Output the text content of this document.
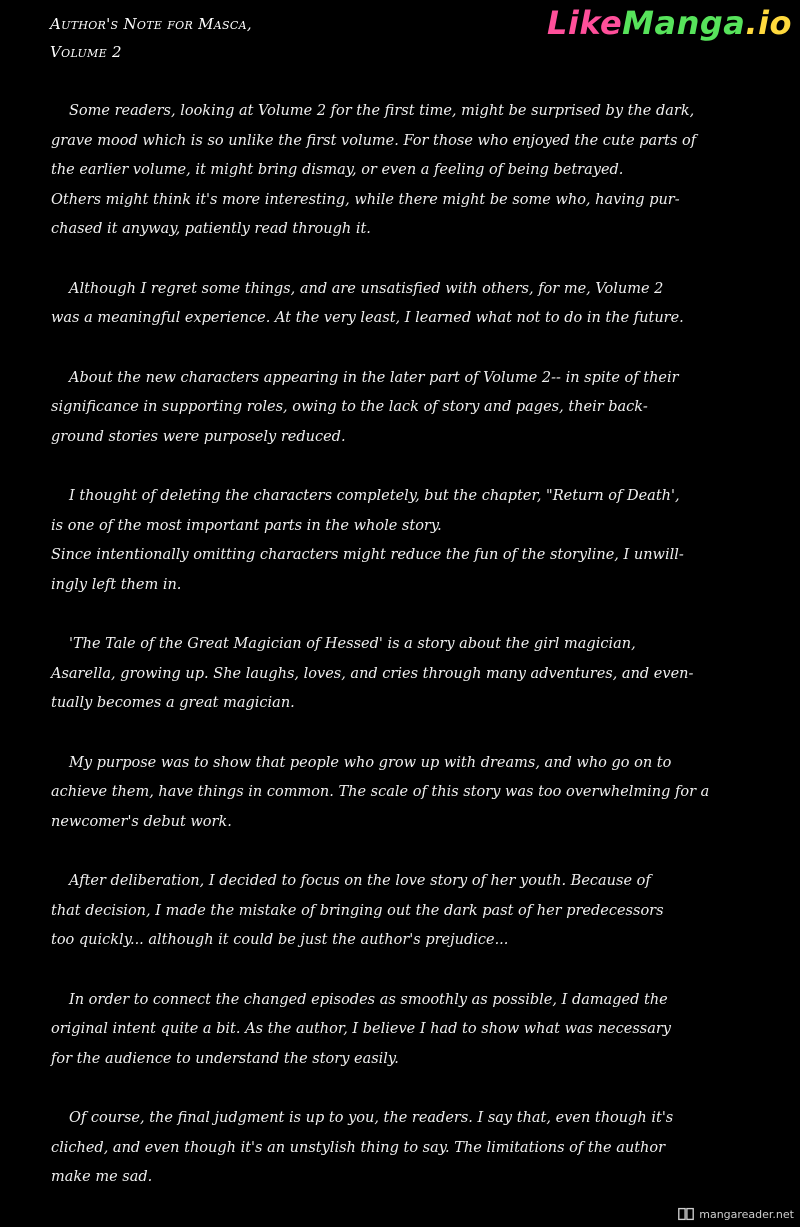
Author's Note for Masca,
Volume 2
LikeManga.io
Some readers, looking at Volume 2 for the first time, might be surprised by the dark,
grave mood which is so unlike the first volume. For those who enjoyed the cute parts of
the earlier volume, it might bring dismay, or even a feeling of being betrayed.
Others might think it's more interesting, while there might be some who, having pur-
chased it anyway, patiently read through it.
Although I regret some things, and are unsatisfied with others, for me, Volume 2
was a meaningful experience. At the very least, I learned what not to do in the future.
About the new characters appearing in the later part of Volume 2-- in spite of their
significance in supporting roles, owing to the lack of story and pages, their back-
ground stories were purposely reduced.
I thought of deleting the characters completely, but the chapter, "Return of Death',
is one of the most important parts in the whole story.
Since intentionally omitting characters might reduce the fun of the storyline, I unwill-
ingly left them in.
'The Tale of the Great Magician of Hessed' is a story about the girl magician,
Asarella, growing up. She laughs, loves, and cries through many adventures, and even-
tually becomes a great magician.
My purpose was to show that people who grow up with dreams, and who go on to
achieve them, have things in common. The scale of this story was too overwhelming for a
newcomer's debut work.
After deliberation, I decided to focus on the love story of her youth. Because of
that decision, I made the mistake of bringing out the dark past of her predecessors
too quickly... although it could be just the author's prejudice...
In order to connect the changed episodes as smoothly as possible, I damaged the
original intent quite a bit. As the author, I believe I had to show what was necessary
for the audience to understand the story easily.
Of course, the final judgment is up to you, the readers. I say that, even though it's
cliched, and even though it's an unstylish thing to say. The limitations of the author
make me sad.
mangareader.net
